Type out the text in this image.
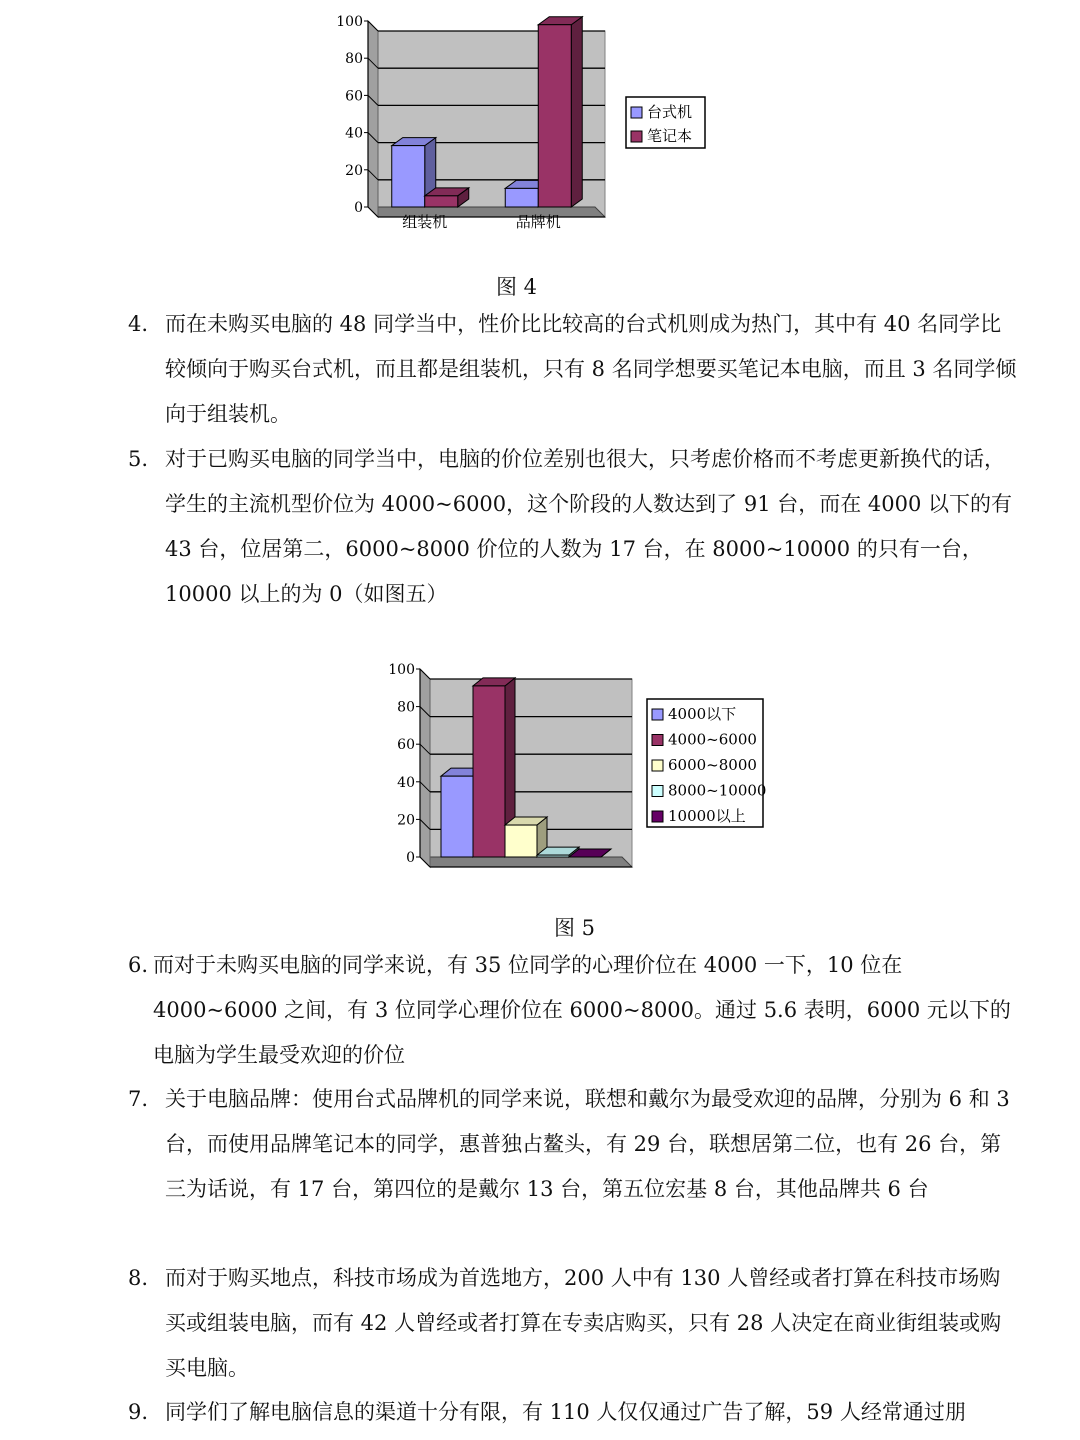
0
20
40
60
80
100
组装机	品牌机
台式机
笔记本
图 4
4. 而在未购买电脑的 48 同学当中，性价比比较高的台式机则成为热门，其中有 40 名同学比较倾向于购买台式机，而且都是组装机，只有 8 名同学想要买笔记本电脑，而且 3 名同学倾向于组装机。
5. 对于已购买电脑的同学当中，电脑的价位差别也很大，只考虑价格而不考虑更新换代的话，学生的主流机型价位为 4000~6000，这个阶段的人数达到了 91 台，而在 4000 以下的有 43 台，位居第二，6000~8000 价位的人数为 17 台，在 8000~10000 的只有一台，10000 以上的为 0（如图五）
0
20
40
60
80
100
4000以下
4000~6000
6000~8000
8000~10000
10000以上
图 5
6. 而对于未购买电脑的同学来说，有 35 位同学的心理价位在 4000 一下，10 位在 4000~6000 之间，有 3 位同学心理价位在 6000~8000。通过 5.6 表明，6000 元以下的电脑为学生最受欢迎的价位
7. 关于电脑品牌：使用台式品牌机的同学来说，联想和戴尔为最受欢迎的品牌，分别为 6 和 3 台，而使用品牌笔记本的同学，惠普独占鳌头，有 29 台，联想居第二位，也有 26 台，第三为话说，有 17 台，第四位的是戴尔 13 台，第五位宏基 8 台，其他品牌共 6 台
8. 而对于购买地点，科技市场成为首选地方，200 人中有 130 人曾经或者打算在科技市场购买或组装电脑，而有 42 人曾经或者打算在专卖店购买，只有 28 人决定在商业街组装或购买电脑。
9. 同学们了解电脑信息的渠道十分有限，有 110 人仅仅通过广告了解，59 人经常通过朋
